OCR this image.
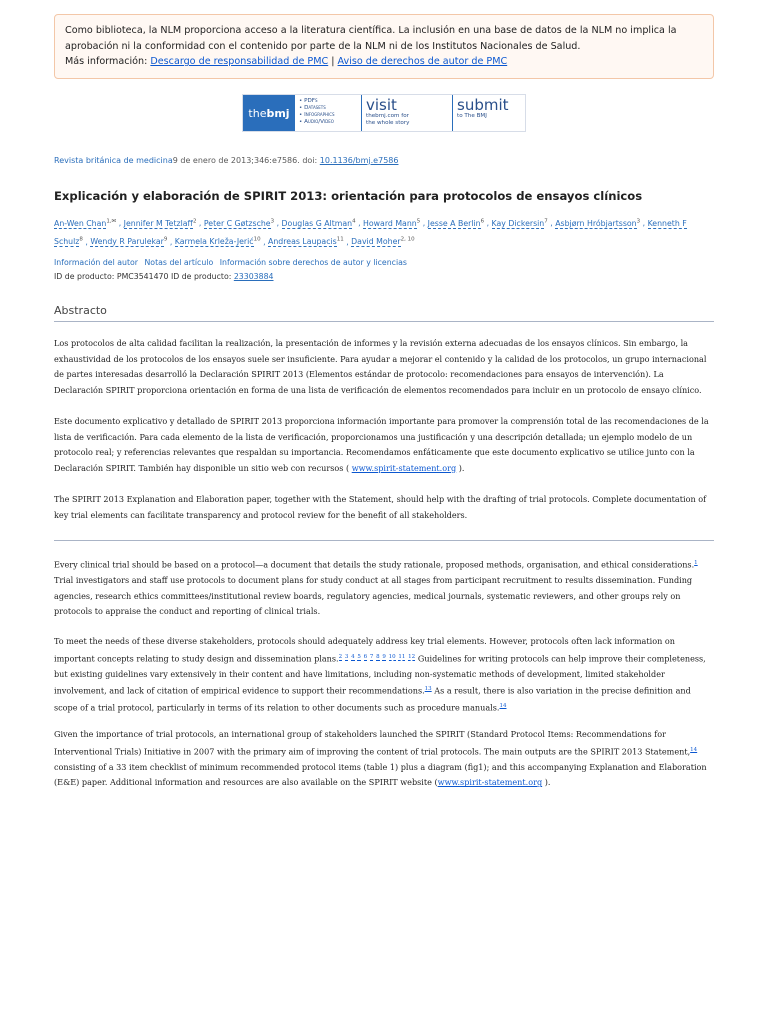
Como biblioteca, la NLM proporciona acceso a la literatura científica. La inclusión en una base de datos de la NLM no implica la aprobación ni la conformidad con el contenido por parte de la NLM ni de los Institutos Nacionales de Salud.
Más información: Descargo de responsabilidad de PMC | Aviso de derechos de autor de PMC
the bmj
• PDFs
• Datasets
• Infographics
• Audio/Video
visit
thebmj.com for
the whole story
submit
to The BMJ
Revista británica de medicina9 de enero de 2013;346:e7586. doi: 10.1136/bmj.e7586
Explicación y elaboración de SPIRIT 2013: orientación para protocolos de ensayos clínicos
An-Wen Chan$^{1,✉}$ , Jennifer M Tetzlaff$^2$ , Peter C Gøtzsche$^3$ , Douglas G Altman$^4$ , Howard Mann$^5$ , Jesse A Berlin$^6$ , Kay Dickersin$^7$ , Asbjørn Hróbjartsson$^3$ , Kenneth F Schulz$^8$ , Wendy R Parulekar$^9$ , Karmela Krleža-Jerić$^{10}$ , Andreas Laupacis$^{11}$ , David Moher$^{2, 10}$
Información del autor Notas del artículo Información sobre derechos de autor y licencias
ID de producto: PMC3541470 ID de producto: 23303884
Abstracto

Los protocolos de alta calidad facilitan la realización, la presentación de informes y la revisión externa adecuadas de los ensayos clínicos. Sin embargo, la exhaustividad de los protocolos de los ensayos suele ser insuficiente. Para ayudar a mejorar el contenido y la calidad de los protocolos, un grupo internacional de partes interesadas desarrolló la Declaración SPIRIT 2013 (Elementos estándar de protocolo: recomendaciones para ensayos de intervención). La Declaración SPIRIT proporciona orientación en forma de una lista de verificación de elementos recomendados para incluir en un protocolo de ensayo clínico.

Este documento explicativo y detallado de SPIRIT 2013 proporciona información importante para promover la comprensión total de las recomendaciones de la lista de verificación. Para cada elemento de la lista de verificación, proporcionamos una justificación y una descripción detallada; un ejemplo modelo de un protocolo real; y referencias relevantes que respaldan su importancia. Recomendamos enfáticamente que este documento explicativo se utilice junto con la Declaración SPIRIT. También hay disponible un sitio web con recursos ( www.spirit-statement.org ).

The SPIRIT 2013 Explanation and Elaboration paper, together with the Statement, should help with the drafting of trial protocols. Complete documentation of key trial elements can facilitate transparency and protocol review for the benefit of all stakeholders.

Every clinical trial should be based on a protocol—a document that details the study rationale, proposed methods, organisation, and ethical considerations.$^1$ Trial investigators and staff use protocols to document plans for study conduct at all stages from participant recruitment to results dissemination. Funding agencies, research ethics committees/institutional review boards, regulatory agencies, medical journals, systematic reviewers, and other groups rely on protocols to appraise the conduct and reporting of clinical trials.

To meet the needs of these diverse stakeholders, protocols should adequately address key trial elements. However, protocols often lack information on important concepts relating to study design and dissemination plans.$^{2 3 4 5 6 7 8 9 10 11 12}$ Guidelines for writing protocols can help improve their completeness, but existing guidelines vary extensively in their content and have limitations, including non-systematic methods of development, limited stakeholder involvement, and lack of citation of empirical evidence to support their recommendations.$^{13}$ As a result, there is also variation in the precise definition and scope of a trial protocol, particularly in terms of its relation to other documents such as procedure manuals.$^{14}$

Given the importance of trial protocols, an international group of stakeholders launched the SPIRIT (Standard Protocol Items: Recommendations for Interventional Trials) Initiative in 2007 with the primary aim of improving the content of trial protocols. The main outputs are the SPIRIT 2013 Statement,$^{14}$ consisting of a 33 item checklist of minimum recommended protocol items (table 1) plus a diagram (fig1); and this accompanying Explanation and Elaboration (E&E) paper. Additional information and resources are also available on the SPIRIT website (www.spirit-statement.org ).
